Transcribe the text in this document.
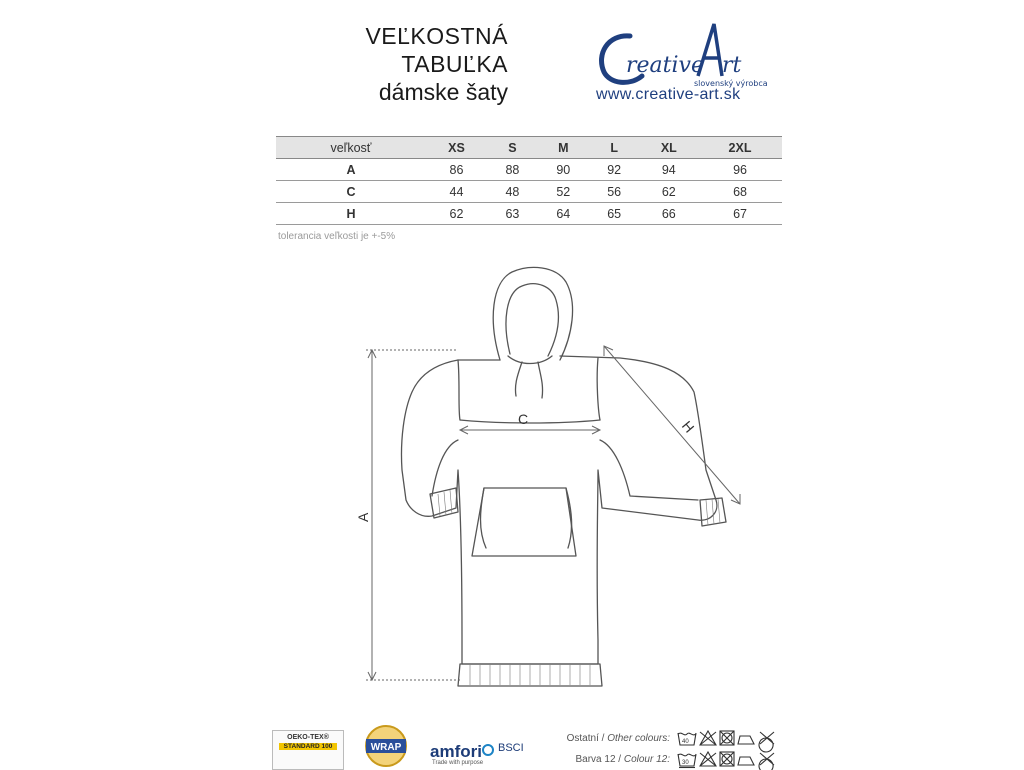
VEĽKOSTNÁ TABUĽKA
dámske šaty
reative rt
slovenský výrobca
www.creative-art.sk
veľkosť	XS	S	M	L	XL	2XL
A	86	88	90	92	94	96
C	44	48	52	56	62	68
H	62	63	64	65	66	67
tolerancia veľkosti je +-5%
A
C	H
OEKO-TEX®
STANDARD 100	WRAP amfori
Trade with purpose
BSCI
Ostatní / Other colours: 40
Barva 12 / Colour 12: 30
